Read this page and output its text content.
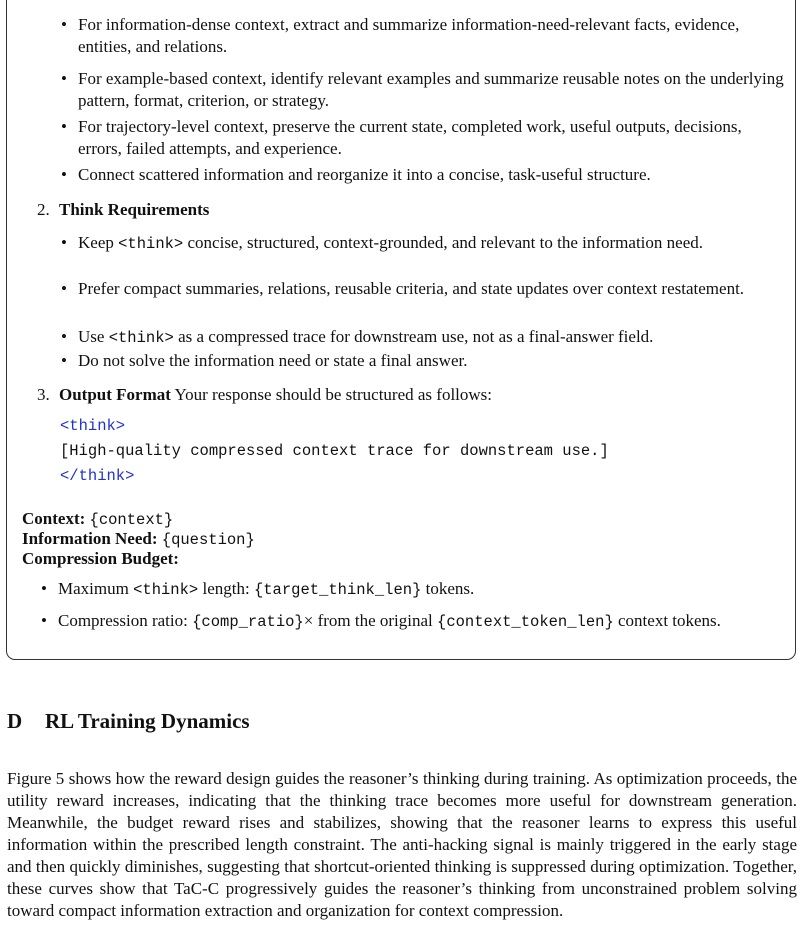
• For information-dense context, extract and summarize information-need-relevant facts, evidence, entities, and relations.

• For example-based context, identify relevant examples and summarize reusable notes on the underlying pattern, format, criterion, or strategy.

• For trajectory-level context, preserve the current state, completed work, useful outputs, decisions, errors, failed attempts, and experience.

• Connect scattered information and reorganize it into a concise, task-useful structure.

2. Think Requirements
• Keep <think> concise, structured, context-grounded, and relevant to the information need.

• Prefer compact summaries, relations, reusable criteria, and state updates over context restatement.

• Use <think> as a compressed trace for downstream use, not as a final-answer field.

• Do not solve the information need or state a final answer.

3. Output Format Your response should be structured as follows:
<think>
[High-quality compressed context trace for downstream use.]
</think>
Context: {context}
Information Need: {question}
Compression Budget:
• Maximum <think> length: {target_think_len} tokens.

• Compression ratio: {comp_ratio}× from the original {context_token_len} context tokens.

D RL Training Dynamics

Figure 5 shows how the reward design guides the reasoner’s thinking during training. As optimization proceeds, the utility reward increases, indicating that the thinking trace becomes more useful for downstream generation. Meanwhile, the budget reward rises and stabilizes, showing that the reasoner learns to express this useful information within the prescribed length constraint. The anti-hacking signal is mainly triggered in the early stage and then quickly diminishes, suggesting that shortcut-oriented thinking is suppressed during optimization. Together, these curves show that TaC-C progressively guides the reasoner’s thinking from unconstrained problem solving toward compact information extraction and organization for context compression.
